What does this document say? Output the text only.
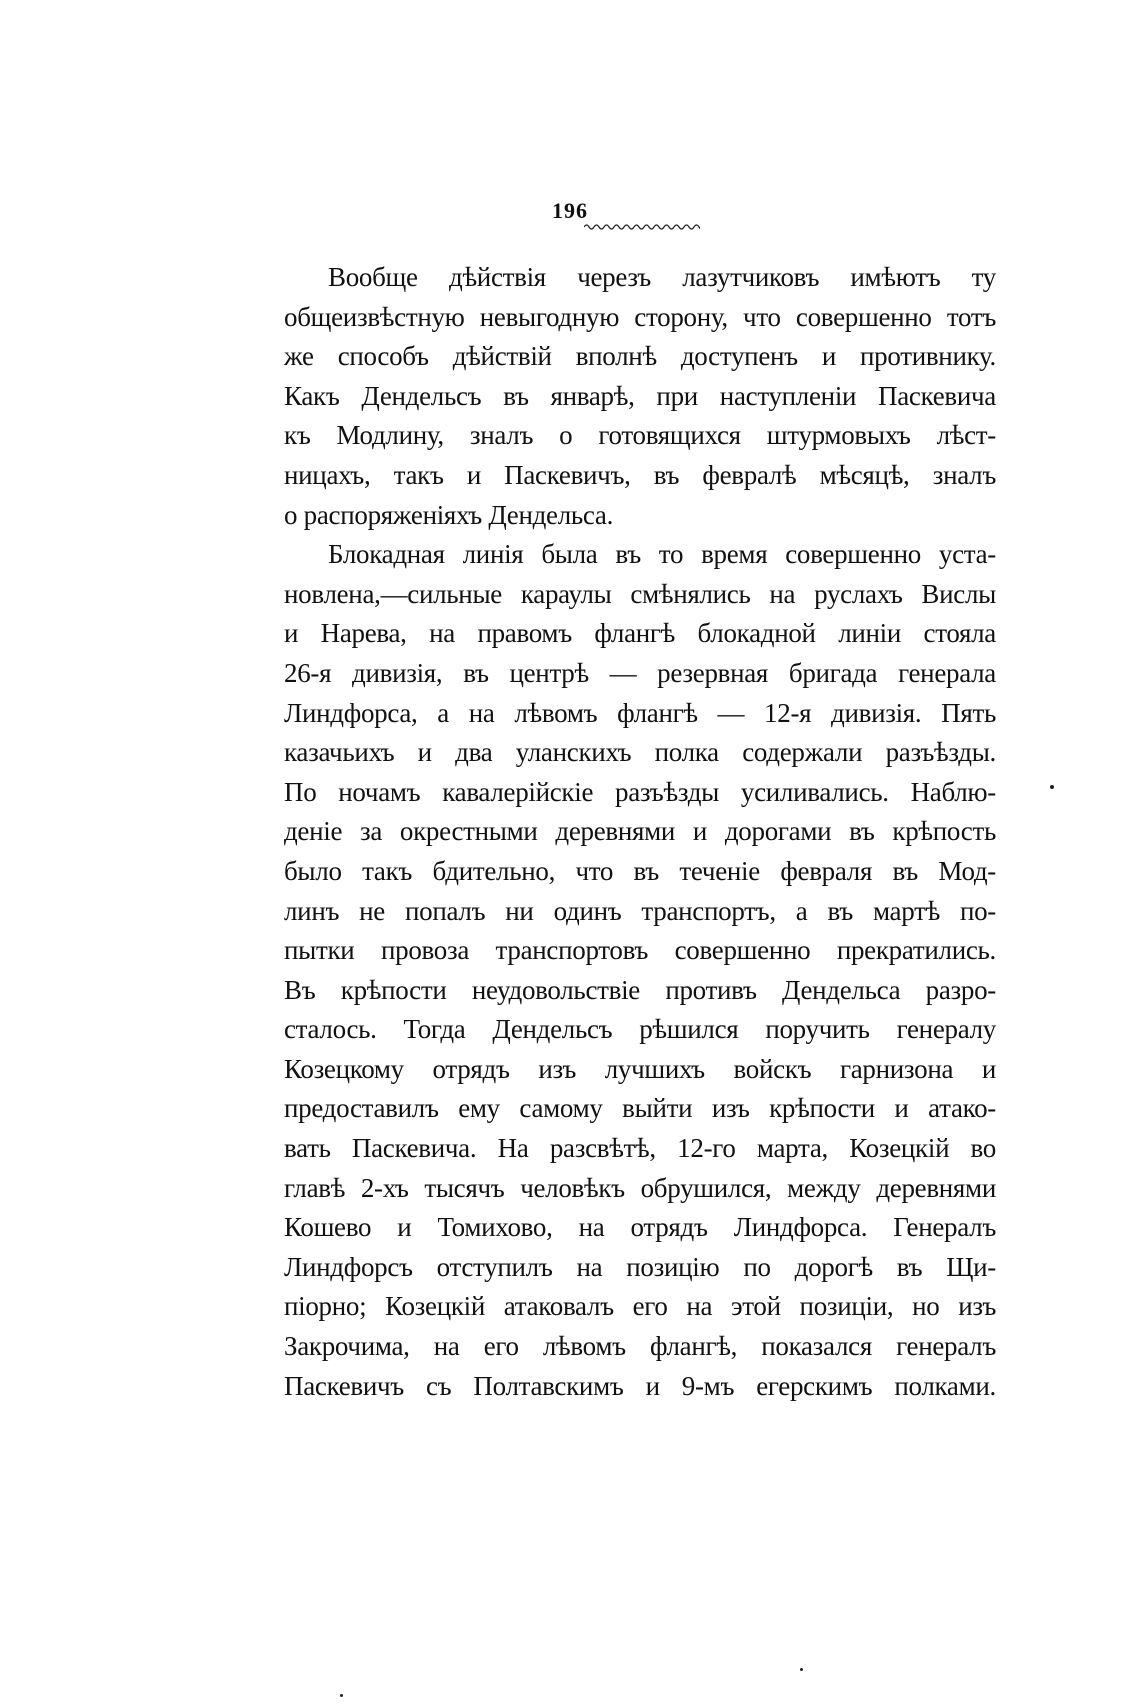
196
Вообще дѣйствія черезъ лазутчиковъ имѣютъ ту
общеизвѣстную невыгодную сторону, что совершенно тотъ
же способъ дѣйствій вполнѣ доступенъ и противнику.
Какъ Дендельсъ въ январѣ, при наступленіи Паскевича
къ Модлину, зналъ о готовящихся штурмовыхъ лѣст-
ницахъ, такъ и Паскевичъ, въ февралѣ мѣсяцѣ, зналъ
о распоряженіяхъ Дендельса.
Блокадная линія была въ то время совершенно уста-
новлена,—сильные караулы смѣнялись на руслахъ Вислы
и Нарева, на правомъ флангѣ блокадной линіи стояла
26-я дивизія, въ центрѣ — резервная бригада генерала
Линдфорса, а на лѣвомъ флангѣ — 12-я дивизія. Пять
казачьихъ и два уланскихъ полка содержали разъѣзды.
По ночамъ кавалерійскіе разъѣзды усиливались. Наблю-
деніе за окрестными деревнями и дорогами въ крѣпость
было такъ бдительно, что въ теченіе февраля въ Мод-
линъ не попалъ ни одинъ транспортъ, а въ мартѣ по-
пытки провоза транспортовъ совершенно прекратились.
Въ крѣпости неудовольствіе противъ Дендельса разро-
сталось. Тогда Дендельсъ рѣшился поручить генералу
Козецкому отрядъ изъ лучшихъ войскъ гарнизона и
предоставилъ ему самому выйти изъ крѣпости и атако-
вать Паскевича. На разсвѣтѣ, 12-го марта, Козецкій во
главѣ 2-хъ тысячъ человѣкъ обрушился, между деревнями
Кошево и Томихово, на отрядъ Линдфорса. Генералъ
Линдфорсъ отступилъ на позицію по дорогѣ въ Щи-
піорно; Козецкій атаковалъ его на этой позиціи, но изъ
Закрочима, на его лѣвомъ флангѣ, показался генералъ
Паскевичъ съ Полтавскимъ и 9-мъ егерскимъ полками.
